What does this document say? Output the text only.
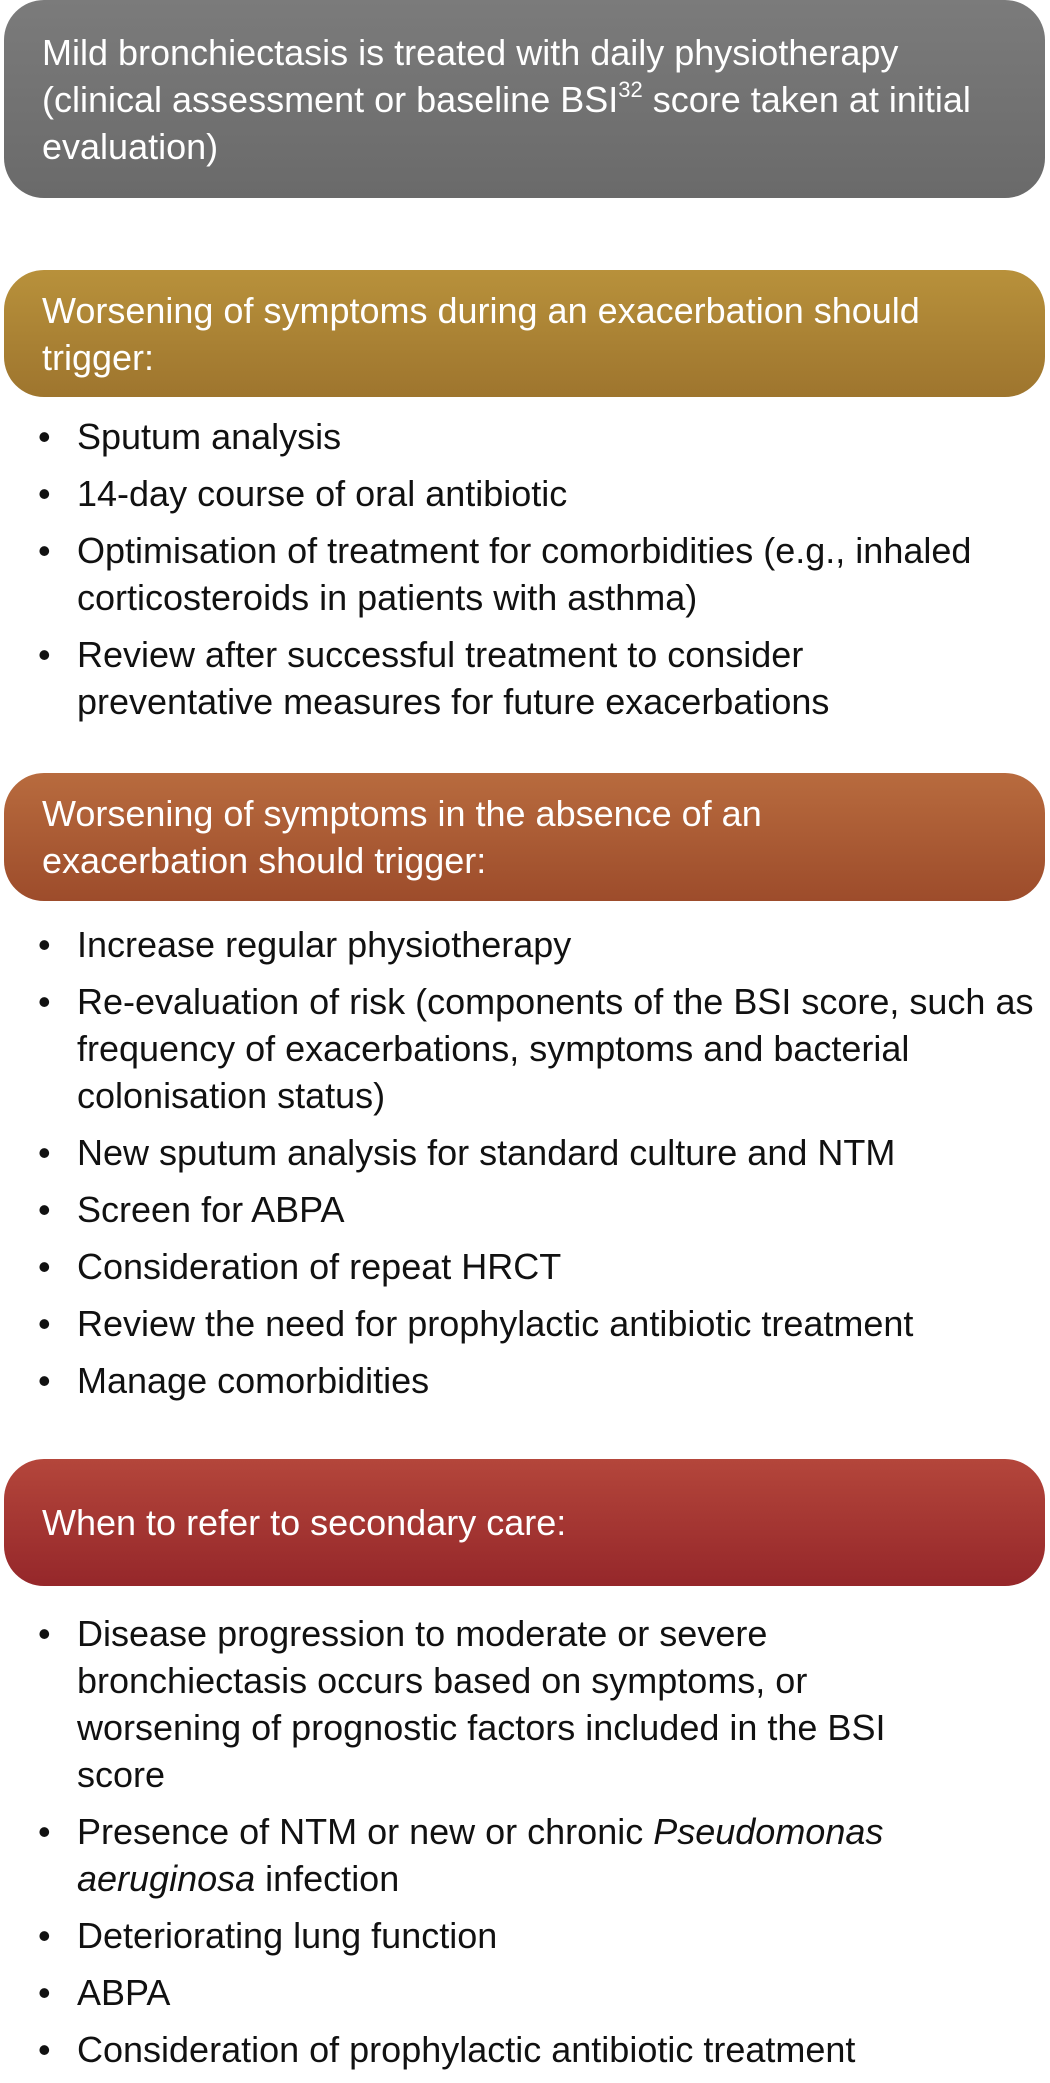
Mild bronchiectasis is treated with daily physiotherapy (clinical assessment or baseline BSI$^{32}$ score taken at initial evaluation)
Worsening of symptoms during an exacerbation should trigger:
• Sputum analysis
• 14-day course of oral antibiotic
• Optimisation of treatment for comorbidities (e.g., inhaled corticosteroids in patients with asthma)
• Review after successful treatment to consider preventative measures for future exacerbations
Worsening of symptoms in the absence of an exacerbation should trigger:
• Increase regular physiotherapy
• Re-evaluation of risk (components of the BSI score, such as frequency of exacerbations, symptoms and bacterial colonisation status)
• New sputum analysis for standard culture and NTM
• Screen for ABPA
• Consideration of repeat HRCT
• Review the need for prophylactic antibiotic treatment
• Manage comorbidities
When to refer to secondary care:
• Disease progression to moderate or severe bronchiectasis occurs based on symptoms, or worsening of prognostic factors included in the BSI score
• Presence of NTM or new or chronic Pseudomonas aeruginosa infection
• Deteriorating lung function
• ABPA
• Consideration of prophylactic antibiotic treatment
